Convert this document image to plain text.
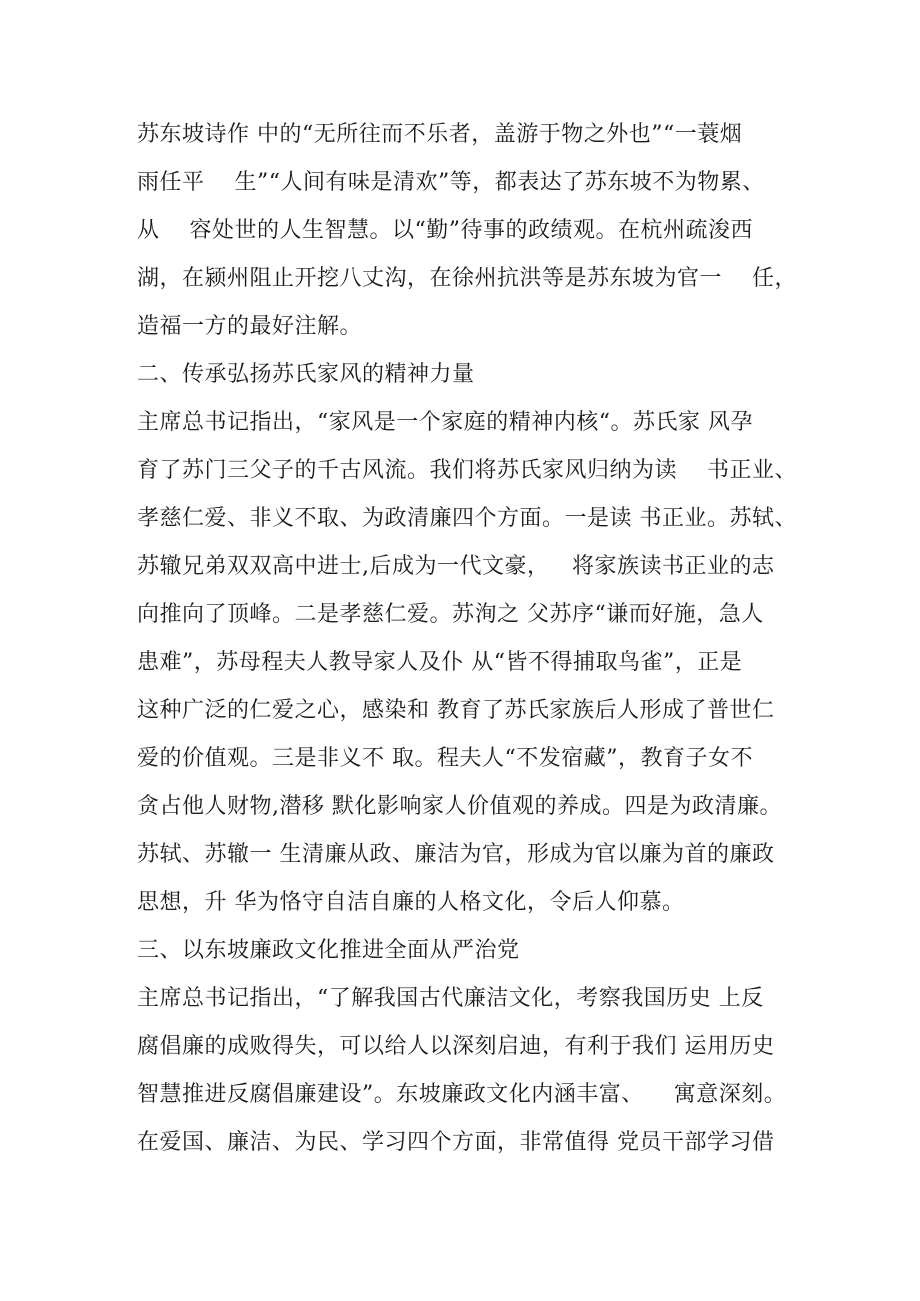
苏东坡诗作 中的“无所往而不乐者，盖游于物之外也”“一蓑烟
雨任平    生”“人间有味是清欢”等，都表达了苏东坡不为物累、
从    容处世的人生智慧。以“勤”待事的政绩观。在杭州疏浚西
湖，在颍州阻止开挖八丈沟，在徐州抗洪等是苏东坡为官一    任，
造福一方的最好注解。
二、传承弘扬苏氏家风的精神力量
主席总书记指出，“家风是一个家庭的精神内核“。苏氏家 风孕
育了苏门三父子的千古风流。我们将苏氏家风归纳为读    书正业、
孝慈仁爱、非义不取、为政清廉四个方面。一是读 书正业。苏轼、
苏辙兄弟双双高中进士,后成为一代文豪，   将家族读书正业的志
向推向了顶峰。二是孝慈仁爱。苏洵之 父苏序“谦而好施，急人
患难”，苏母程夫人教导家人及仆 从“皆不得捕取鸟雀”，正是
这种广泛的仁爱之心，感染和 教育了苏氏家族后人形成了普世仁
爱的价值观。三是非义不 取。程夫人“不发宿藏”，教育子女不
贪占他人财物,潜移 默化影响家人价值观的养成。四是为政清廉。
苏轼、苏辙一 生清廉从政、廉洁为官，形成为官以廉为首的廉政
思想，升 华为恪守自洁自廉的人格文化，令后人仰慕。
三、以东坡廉政文化推进全面从严治党
主席总书记指出，“了解我国古代廉洁文化，考察我国历史 上反
腐倡廉的成败得失，可以给人以深刻启迪，有利于我们 运用历史
智慧推进反腐倡廉建设”。东坡廉政文化内涵丰富、    寓意深刻。
在爱国、廉洁、为民、学习四个方面，非常值得 党员干部学习借
